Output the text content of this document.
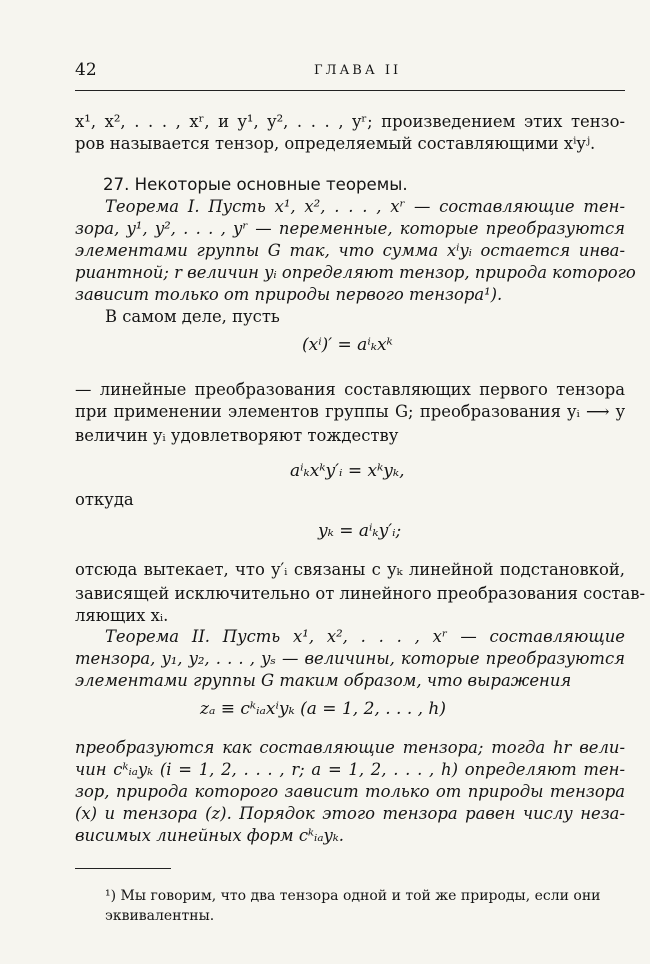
42	ГЛАВА II
x¹, x², . . . , xʳ, и y¹, y², . . . , yʳ; произведением этих тензо-
ров называется тензор, определяемый составляющими xⁱyʲ.
27. Некоторые основные теоремы.
Теорема I. Пусть x¹, x², . . . , xʳ — составляющие тен-
зора, y¹, y², . . . , yʳ — переменные, которые преобразуются
элементами группы G так, что сумма xⁱyᵢ остается инва-
риантной; r величин yᵢ определяют тензор, природа которого
зависит только от природы первого тензора¹).
В самом деле, пусть
(xⁱ)′ = aⁱₖxᵏ
— линейные преобразования составляющих первого тензора
при применении элементов группы G; преобразования yᵢ ⟶ y
величин yᵢ удовлетворяют тождеству
aⁱₖxᵏy′ᵢ = xᵏyₖ,
откуда
yₖ = aⁱₖy′ᵢ;
отсюда вытекает, что y′ᵢ связаны с yₖ линейной подстановкой,
зависящей исключительно от линейного преобразования состав-
ляющих xᵢ.
Теорема II. Пусть x¹, x², . . . , xʳ — составляющие
тензора, y₁, y₂, . . . , yₛ — величины, которые преобразуются
элементами группы G таким образом, что выражения
zₐ ≡ cᵏᵢₐxⁱyₖ (a = 1, 2, . . . , h)
преобразуются как составляющие тензора; тогда hr вели-
чин cᵏᵢₐyₖ (i = 1, 2, . . . , r; a = 1, 2, . . . , h) определяют тен-
зор, природа которого зависит только от природы тензора
(x) и тензора (z). Порядок этого тензора равен числу неза-
висимых линейных форм cᵏᵢₐyₖ.
¹) Мы говорим, что два тензора одной и той же природы, если они эквивалентны.
